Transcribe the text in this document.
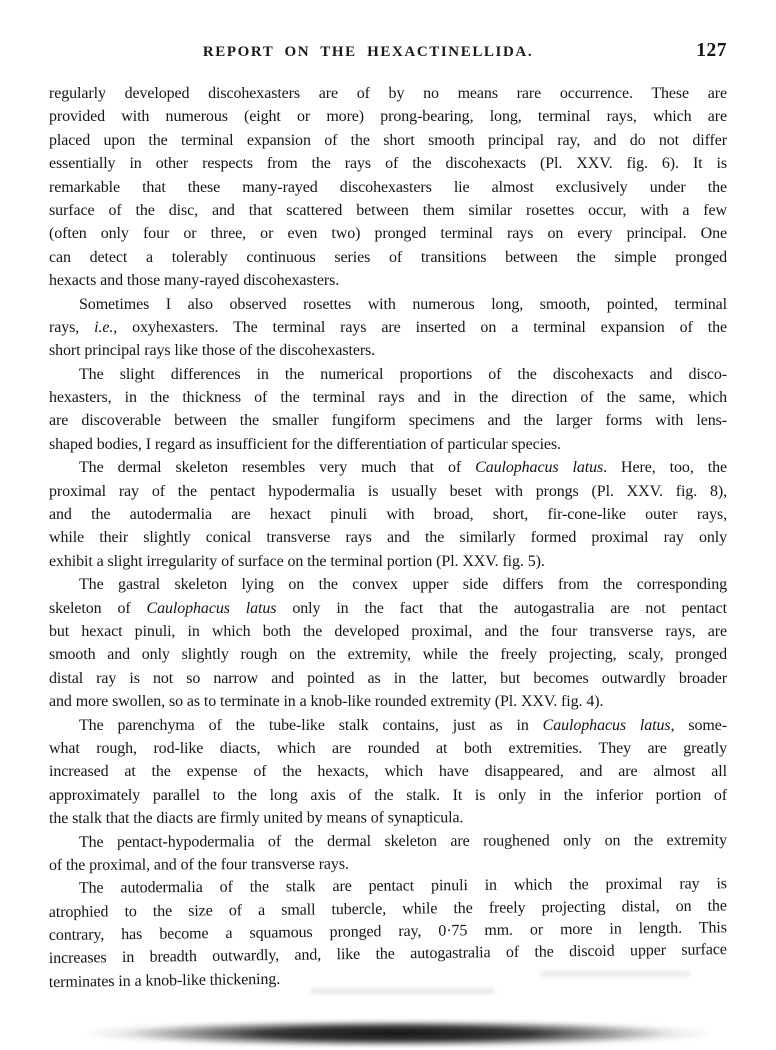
REPORT ON THE HEXACTINELLIDA.	127
regularly developed discohexasters are of by no means rare occurrence. These are
provided with numerous (eight or more) prong-bearing, long, terminal rays, which are
placed upon the terminal expansion of the short smooth principal ray, and do not differ
essentially in other respects from the rays of the discohexacts (Pl. XXV. fig. 6). It is
remarkable that these many-rayed discohexasters lie almost exclusively under the
surface of the disc, and that scattered between them similar rosettes occur, with a few
(often only four or three, or even two) pronged terminal rays on every principal. One
can detect a tolerably continuous series of transitions between the simple pronged
hexacts and those many-rayed discohexasters.
Sometimes I also observed rosettes with numerous long, smooth, pointed, terminal
rays, i.e., oxyhexasters. The terminal rays are inserted on a terminal expansion of the
short principal rays like those of the discohexasters.
The slight differences in the numerical proportions of the discohexacts and disco-
hexasters, in the thickness of the terminal rays and in the direction of the same, which
are discoverable between the smaller fungiform specimens and the larger forms with lens-
shaped bodies, I regard as insufficient for the differentiation of particular species.
The dermal skeleton resembles very much that of Caulophacus latus. Here, too, the
proximal ray of the pentact hypodermalia is usually beset with prongs (Pl. XXV. fig. 8),
and the autodermalia are hexact pinuli with broad, short, fir-cone-like outer rays,
while their slightly conical transverse rays and the similarly formed proximal ray only
exhibit a slight irregularity of surface on the terminal portion (Pl. XXV. fig. 5).
The gastral skeleton lying on the convex upper side differs from the corresponding
skeleton of Caulophacus latus only in the fact that the autogastralia are not pentact
but hexact pinuli, in which both the developed proximal, and the four transverse rays, are
smooth and only slightly rough on the extremity, while the freely projecting, scaly, pronged
distal ray is not so narrow and pointed as in the latter, but becomes outwardly broader
and more swollen, so as to terminate in a knob-like rounded extremity (Pl. XXV. fig. 4).
The parenchyma of the tube-like stalk contains, just as in Caulophacus latus, some-
what rough, rod-like diacts, which are rounded at both extremities. They are greatly
increased at the expense of the hexacts, which have disappeared, and are almost all
approximately parallel to the long axis of the stalk. It is only in the inferior portion of
the stalk that the diacts are firmly united by means of synapticula.
The pentact-hypodermalia of the dermal skeleton are roughened only on the extremity
of the proximal, and of the four transverse rays.
The autodermalia of the stalk are pentact pinuli in which the proximal ray is
atrophied to the size of a small tubercle, while the freely projecting distal, on the
contrary, has become a squamous pronged ray, 0·75 mm. or more in length. This
increases in breadth outwardly, and, like the autogastralia of the discoid upper surface
terminates in a knob-like thickening.
